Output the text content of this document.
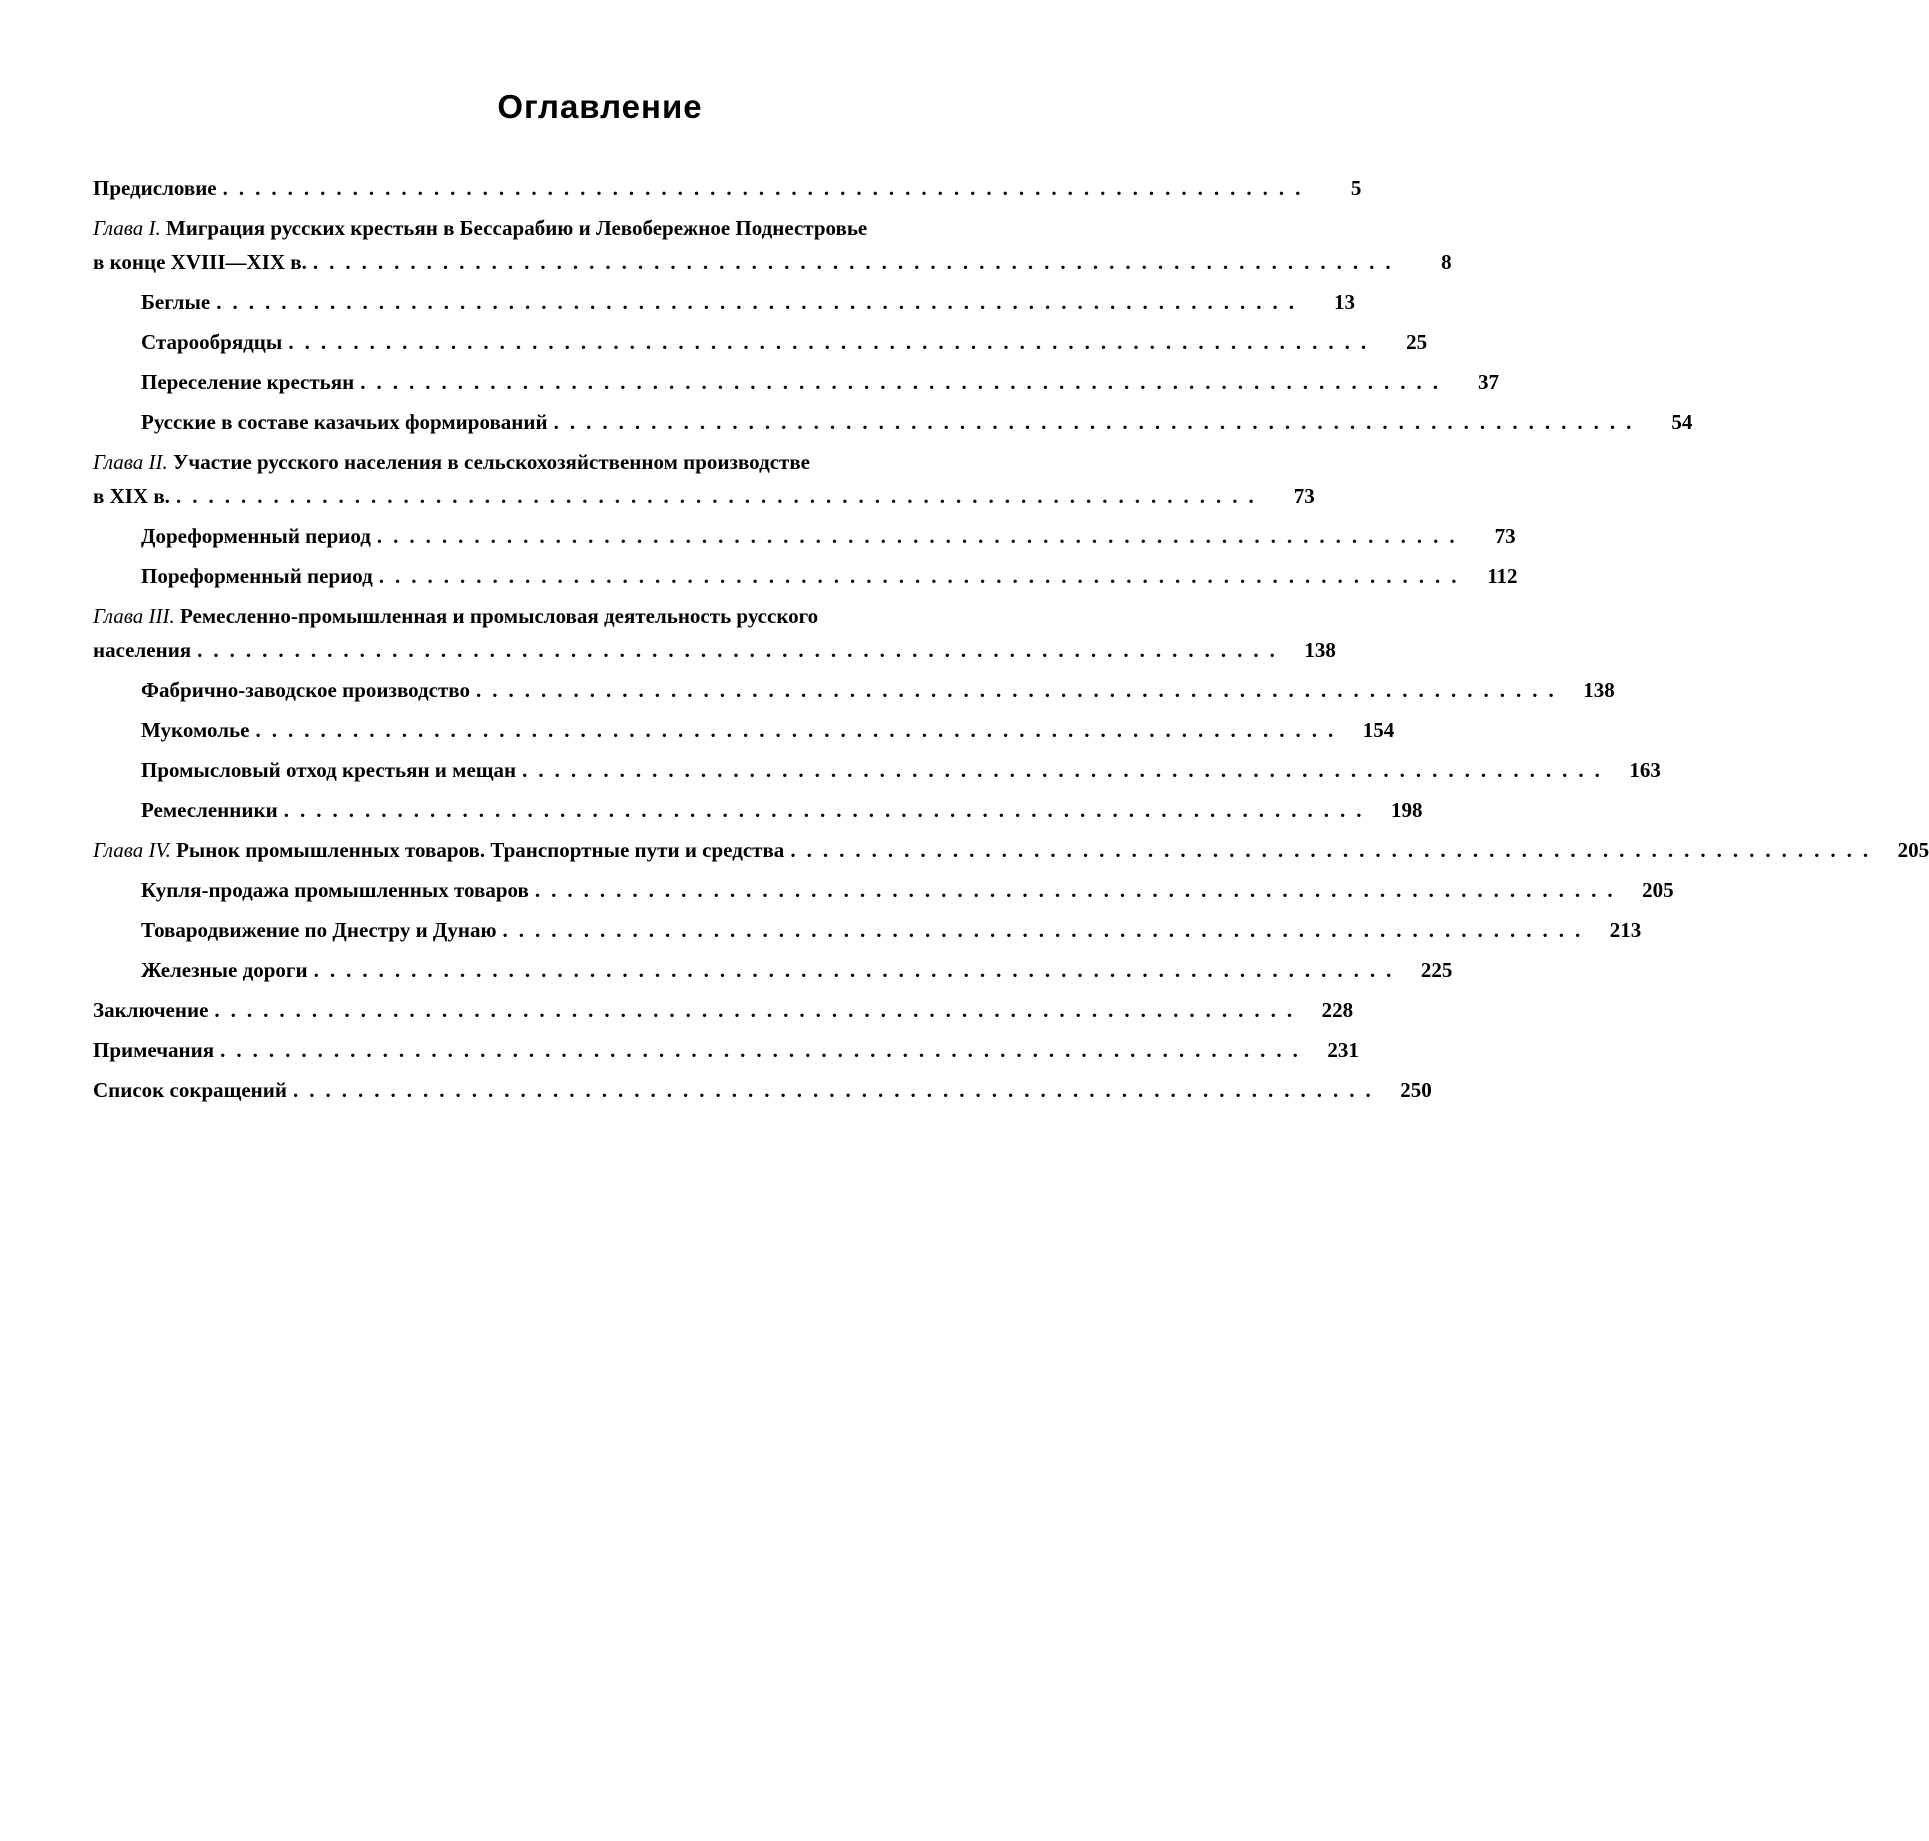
Оглавление
Предисловие ...................................................................	5
Глава I. Миграция русских крестьян в Бессарабию и Левобережное Поднестровье
в конце XVIII—XIX в. ...................................................................	8
Беглые ...................................................................	13
Старообрядцы ...................................................................	25
Переселение крестьян ...................................................................	37
Русские в составе казачьих формирований ...................................................................	54
Глава II. Участие русского населения в сельскохозяйственном производстве
в XIX в. ...................................................................	73
Дореформенный период ...................................................................	73
Пореформенный период ................................................................... 112
Глава III. Ремесленно-промышленная и промысловая деятельность русского
населения ................................................................... 138
Фабрично-заводское производство ................................................................... 138
Мукомолье ................................................................... 154
Промысловый отход крестьян и мещан ................................................................... 163
Ремесленники ................................................................... 198
Глава IV. Рынок промышленных товаров. Транспортные пути и средства ................................................................... 205
Купля-продажа промышленных товаров ................................................................... 205
Товародвижение по Днестру и Дунаю ................................................................... 213
Железные дороги ................................................................... 225
Заключение ................................................................... 228
Примечания ................................................................... 231
Список сокращений ................................................................... 250
